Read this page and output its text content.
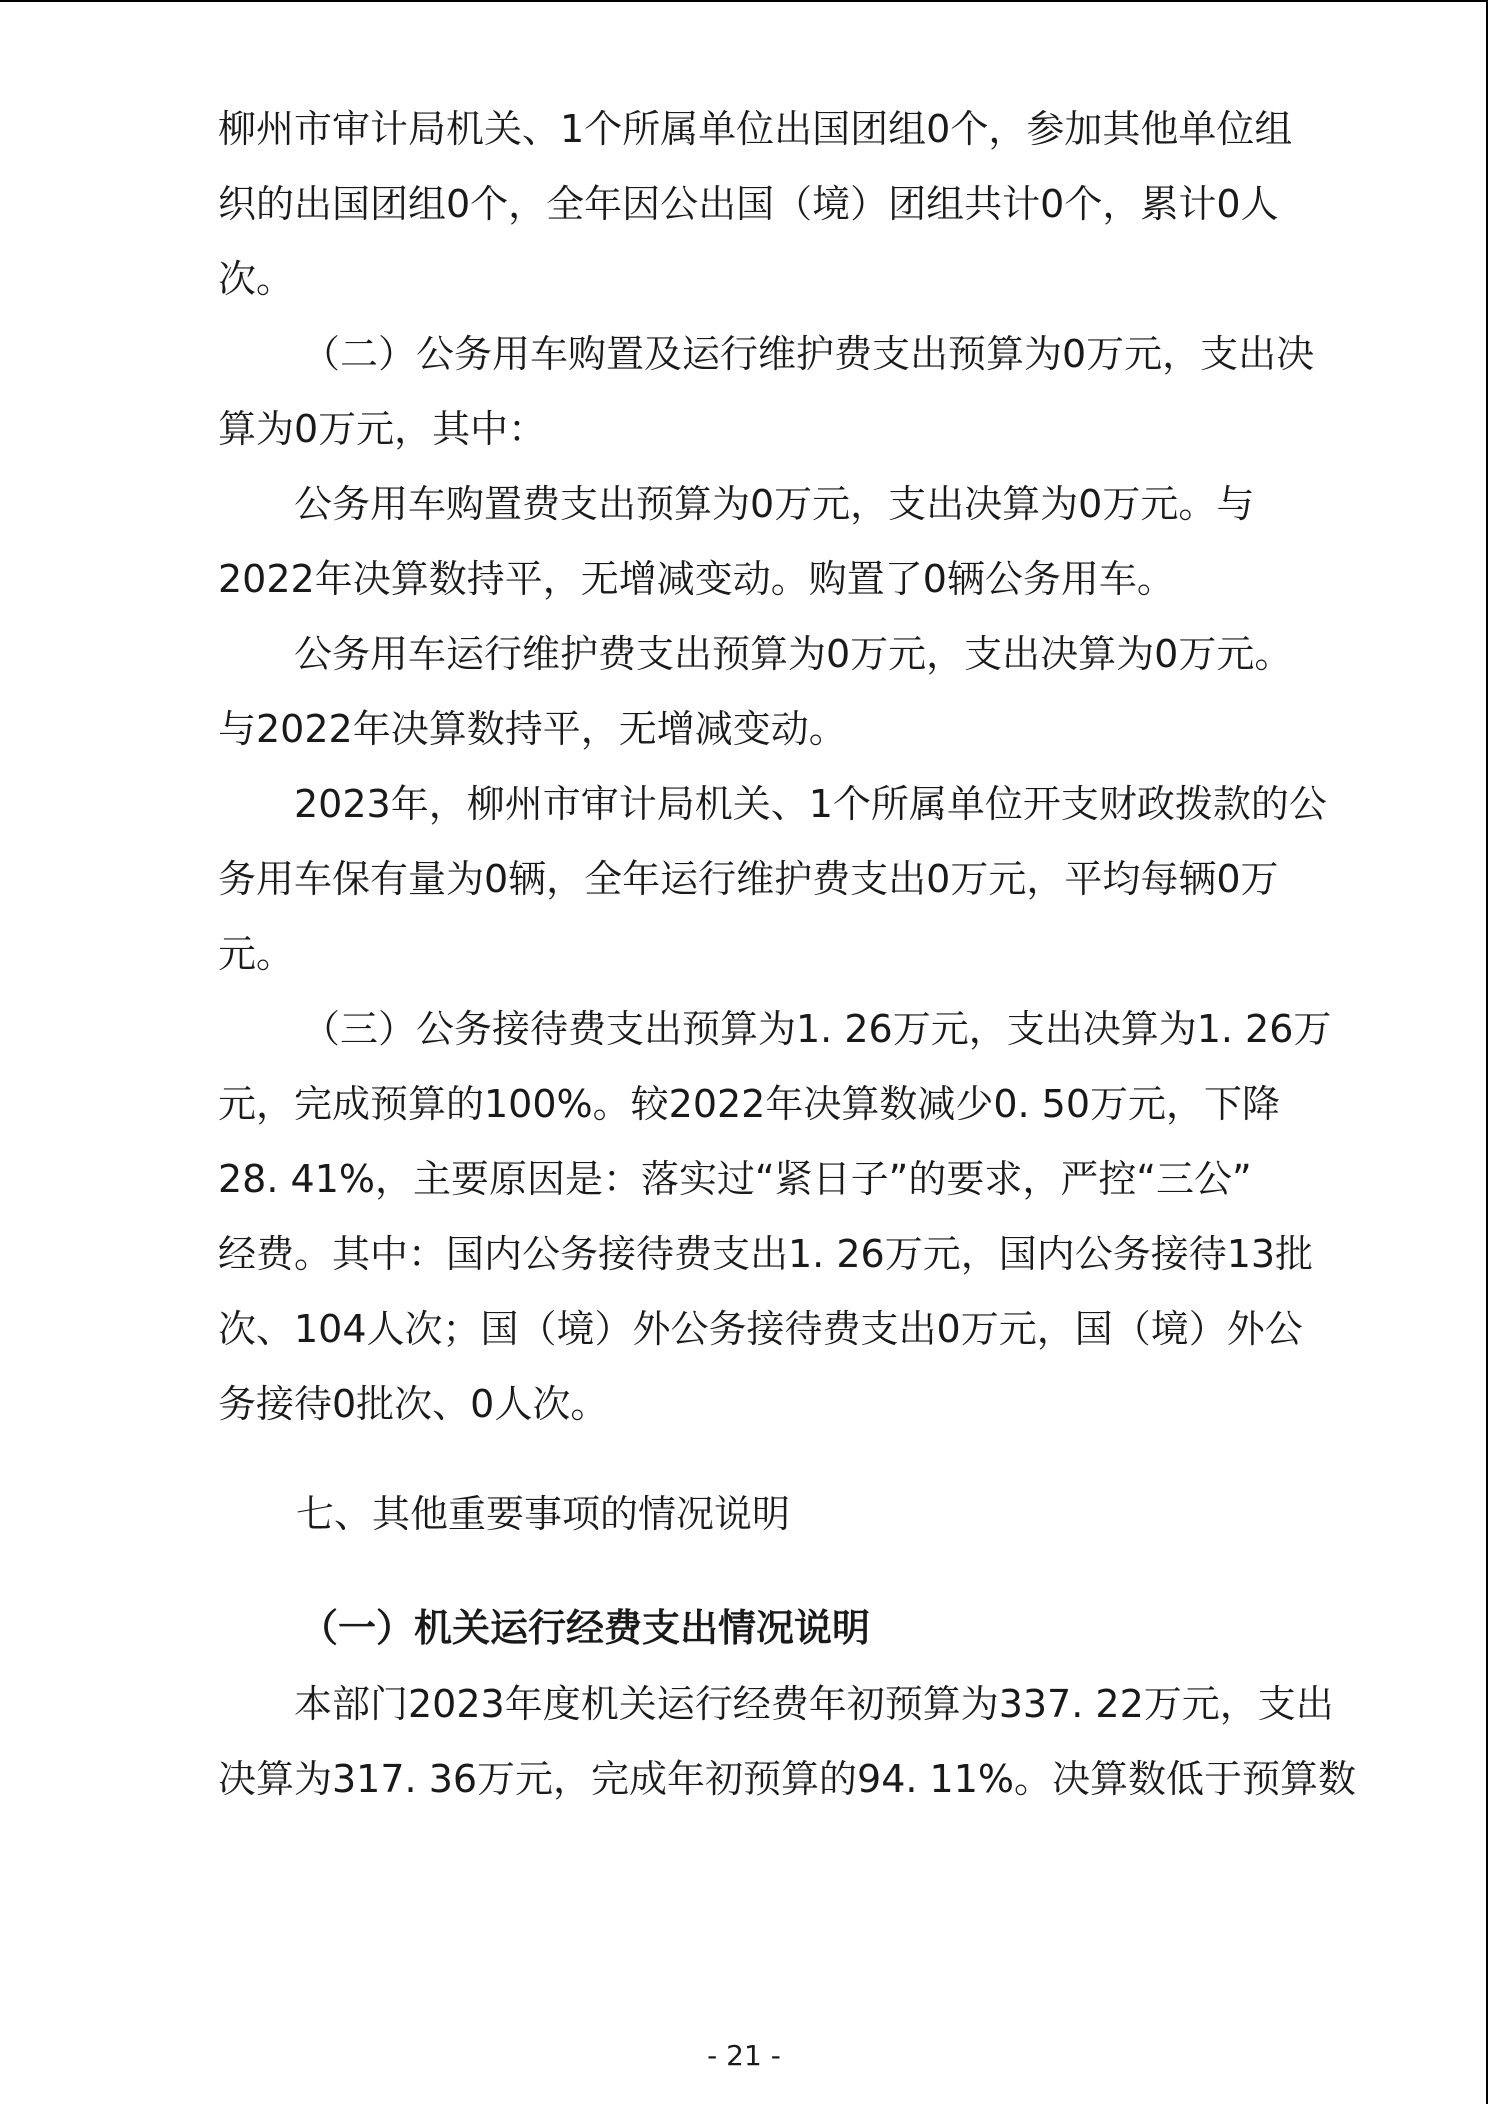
柳州市审计局机关、1个所属单位出国团组0个，参加其他单位组
织的出国团组0个，全年因公出国（境）团组共计0个，累计0人
次。
（二）公务用车购置及运行维护费支出预算为0万元，支出决
算为0万元，其中：
公务用车购置费支出预算为0万元，支出决算为0万元。与
2022年决算数持平，无增减变动。购置了0辆公务用车。
公务用车运行维护费支出预算为0万元，支出决算为0万元。
与2022年决算数持平，无增减变动。
2023年，柳州市审计局机关、1个所属单位开支财政拨款的公
务用车保有量为0辆，全年运行维护费支出0万元，平均每辆0万
元。
（三）公务接待费支出预算为1. 26万元，支出决算为1. 26万
元，完成预算的100%。较2022年决算数减少0. 50万元，下降
28. 41%，主要原因是：落实过“紧日子”的要求，严控“三公”
经费。其中：国内公务接待费支出1. 26万元，国内公务接待13批
次、104人次；国（境）外公务接待费支出0万元，国（境）外公
务接待0批次、0人次。
七、其他重要事项的情况说明
（一）机关运行经费支出情况说明
本部门2023年度机关运行经费年初预算为337. 22万元，支出
决算为317. 36万元，完成年初预算的94. 11%。决算数低于预算数
- 21 -
